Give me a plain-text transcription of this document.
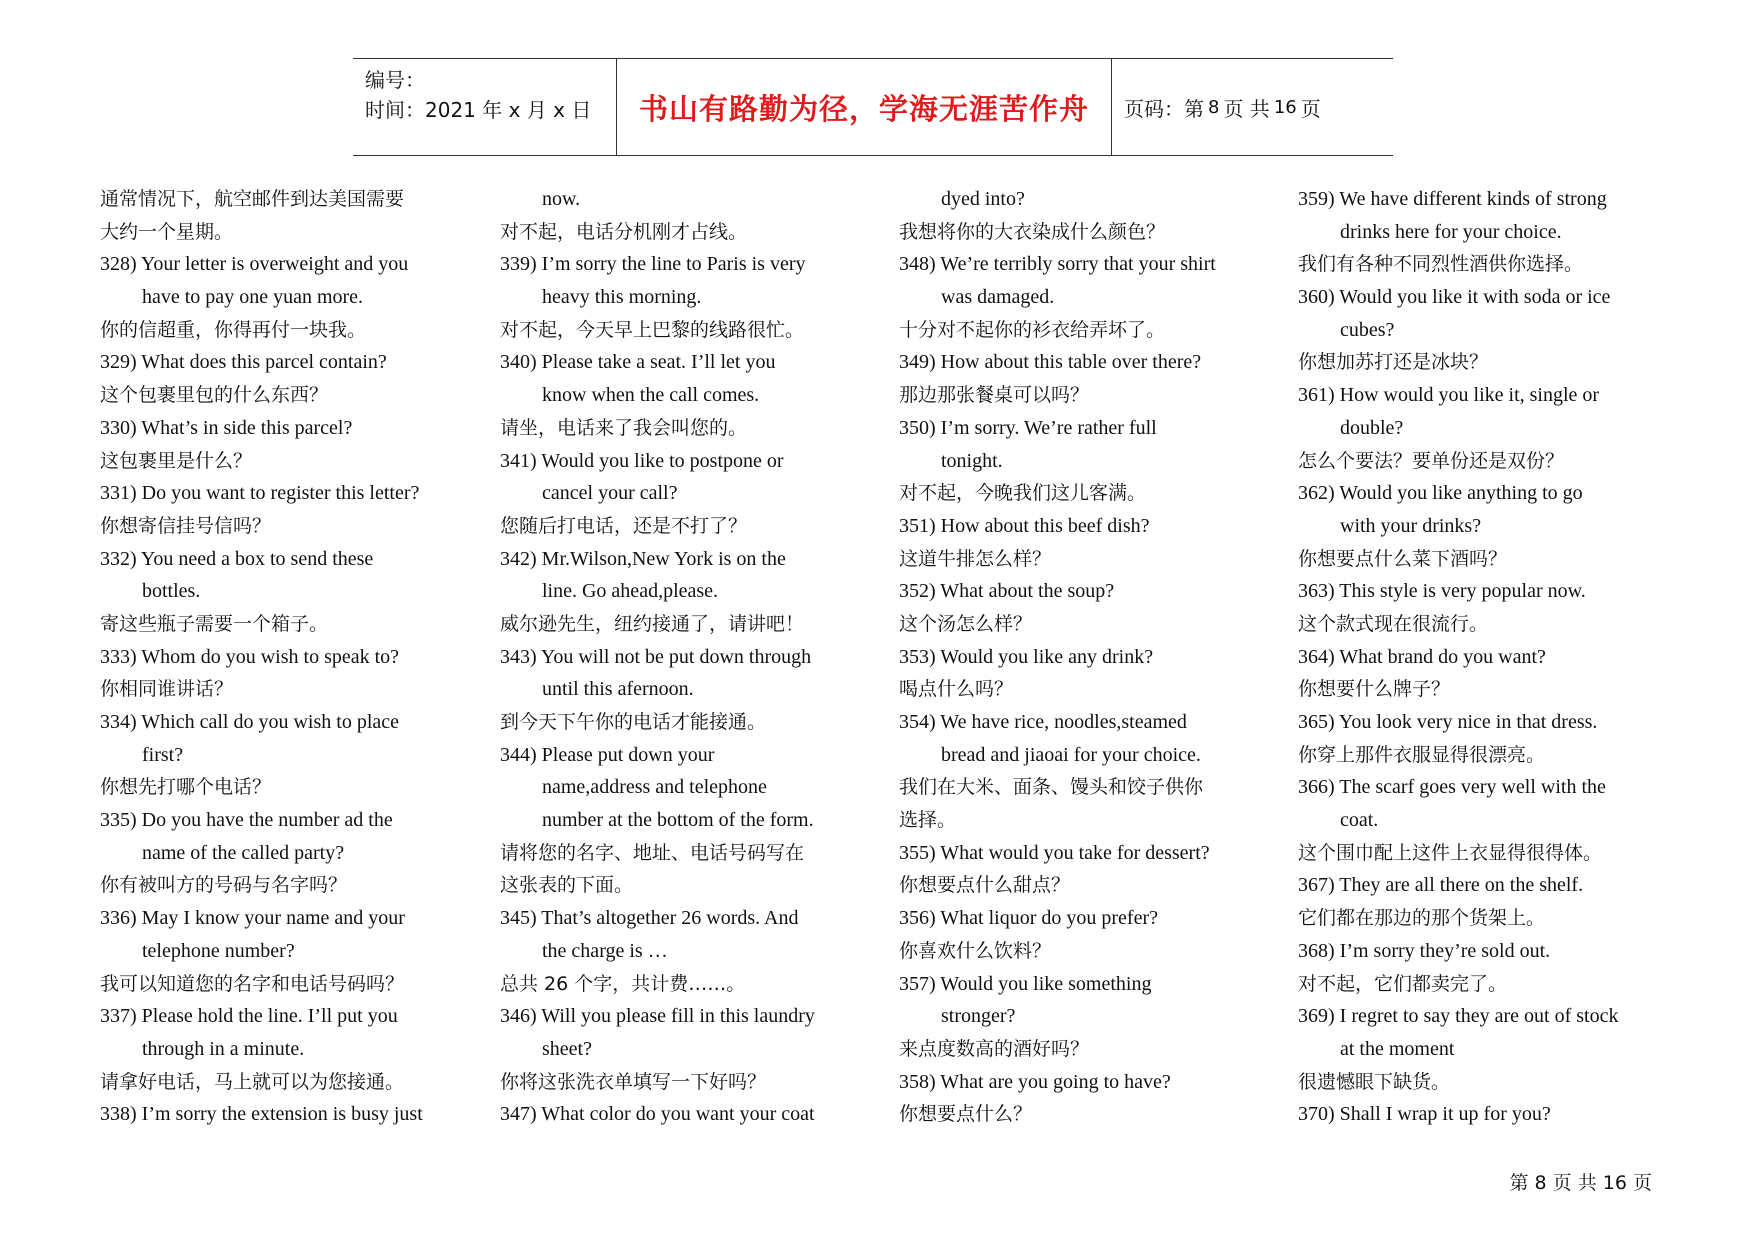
编号：
时间：2021 年 x 月 x 日	书山有路勤为径，学海无涯苦作舟	页码：第 8 页 共 16 页
通常情况下，航空邮件到达美国需要
大约一个星期。
328) Your letter is overweight and you
have to pay one yuan more.
你的信超重，你得再付一块我。
329) What does this parcel contain?
这个包裹里包的什么东西？
330) What’s in side this parcel?
这包裹里是什么？
331) Do you want to register this letter?
你想寄信挂号信吗？
332) You need a box to send these
bottles.
寄这些瓶子需要一个箱子。
333) Whom do you wish to speak to?
你相同谁讲话？
334) Which call do you wish to place
first?
你想先打哪个电话？
335) Do you have the number ad the
name of the called party?
你有被叫方的号码与名字吗？
336) May I know your name and your
telephone number?
我可以知道您的名字和电话号码吗？
337) Please hold the line. I’ll put you
through in a minute.
请拿好电话，马上就可以为您接通。
338) I’m sorry the extension is busy just
now.
对不起，电话分机刚才占线。
339) I’m sorry the line to Paris is very
heavy this morning.
对不起，今天早上巴黎的线路很忙。
340) Please take a seat. I’ll let you
know when the call comes.
请坐，电话来了我会叫您的。
341) Would you like to postpone or
cancel your call?
您随后打电话，还是不打了？
342) Mr.Wilson,New York is on the
line. Go ahead,please.
威尔逊先生，纽约接通了，请讲吧！
343) You will not be put down through
until this afernoon.
到今天下午你的电话才能接通。
344) Please put down your
name,address and telephone
number at the bottom of the form.
请将您的名字、地址、电话号码写在
这张表的下面。
345) That’s altogether 26 words. And
the charge is …
总共 26 个字，共计费……。
346) Will you please fill in this laundry
sheet?
你将这张洗衣单填写一下好吗？
347) What color do you want your coat
dyed into?
我想将你的大衣染成什么颜色？
348) We’re terribly sorry that your shirt
was damaged.
十分对不起你的衫衣给弄坏了。
349) How about this table over there?
那边那张餐桌可以吗？
350) I’m sorry. We’re rather full
tonight.
对不起，今晚我们这儿客满。
351) How about this beef dish?
这道牛排怎么样？
352) What about the soup?
这个汤怎么样？
353) Would you like any drink?
喝点什么吗？
354) We have rice, noodles,steamed
bread and jiaoai for your choice.
我们在大米、面条、馒头和饺子供你
选择。
355) What would you take for dessert?
你想要点什么甜点？
356) What liquor do you prefer?
你喜欢什么饮料？
357) Would you like something
stronger?
来点度数高的酒好吗？
358) What are you going to have?
你想要点什么？
359) We have different kinds of strong
drinks here for your choice.
我们有各种不同烈性酒供你选择。
360) Would you like it with soda or ice
cubes?
你想加苏打还是冰块？
361) How would you like it, single or
double?
怎么个要法？要单份还是双份？
362) Would you like anything to go
with your drinks?
你想要点什么菜下酒吗？
363) This style is very popular now.
这个款式现在很流行。
364) What brand do you want?
你想要什么牌子？
365) You look very nice in that dress.
你穿上那件衣服显得很漂亮。
366) The scarf goes very well with the
coat.
这个围巾配上这件上衣显得很得体。
367) They are all there on the shelf.
它们都在那边的那个货架上。
368) I’m sorry they’re sold out.
对不起，它们都卖完了。
369) I regret to say they are out of stock
at the moment
很遗憾眼下缺货。
370) Shall I wrap it up for you?
第 8 页 共 16 页
